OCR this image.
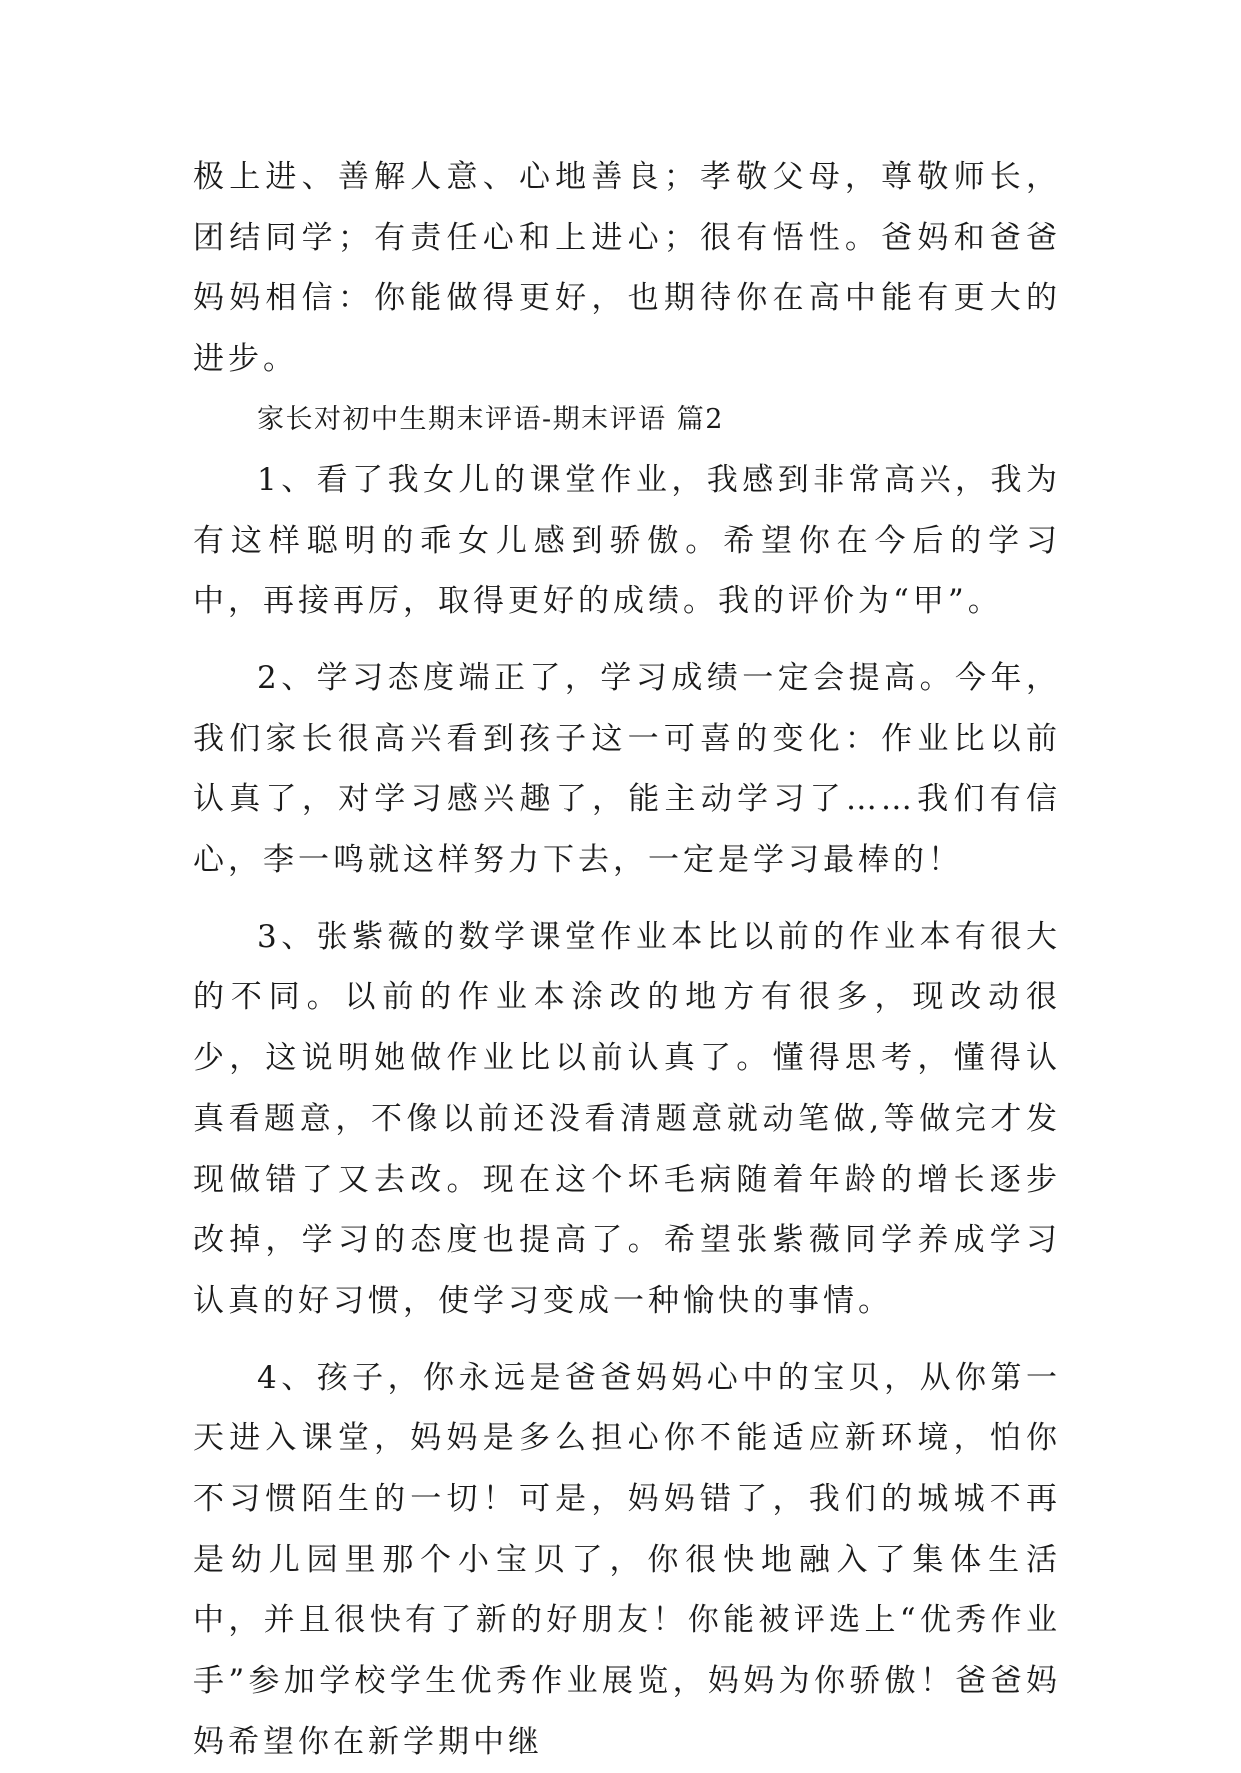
极上进、善解人意、心地善良；孝敬父母，尊敬师长，团结同学；有责任心和上进心；很有悟性。爸妈和爸爸妈妈相信：你能做得更好，也期待你在高中能有更大的进步。

家长对初中生期末评语-期末评语 篇2

1、看了我女儿的课堂作业，我感到非常高兴，我为有这样聪明的乖女儿感到骄傲。希望你在今后的学习中，再接再厉，取得更好的成绩。我的评价为“甲”。

2、学习态度端正了，学习成绩一定会提高。今年，我们家长很高兴看到孩子这一可喜的变化：作业比以前认真了，对学习感兴趣了，能主动学习了……我们有信心，李一鸣就这样努力下去，一定是学习最棒的！

3、张紫薇的数学课堂作业本比以前的作业本有很大的不同。以前的作业本涂改的地方有很多，现改动很少，这说明她做作业比以前认真了。懂得思考，懂得认真看题意，不像以前还没看清题意就动笔做,等做完才发现做错了又去改。现在这个坏毛病随着年龄的增长逐步改掉，学习的态度也提高了。希望张紫薇同学养成学习认真的好习惯，使学习变成一种愉快的事情。

4、孩子，你永远是爸爸妈妈心中的宝贝，从你第一天进入课堂，妈妈是多么担心你不能适应新环境，怕你不习惯陌生的一切！可是，妈妈错了，我们的城城不再是幼儿园里那个小宝贝了，你很快地融入了集体生活中，并且很快有了新的好朋友！你能被评选上“优秀作业手”参加学校学生优秀作业展览，妈妈为你骄傲！爸爸妈妈希望你在新学期中继
